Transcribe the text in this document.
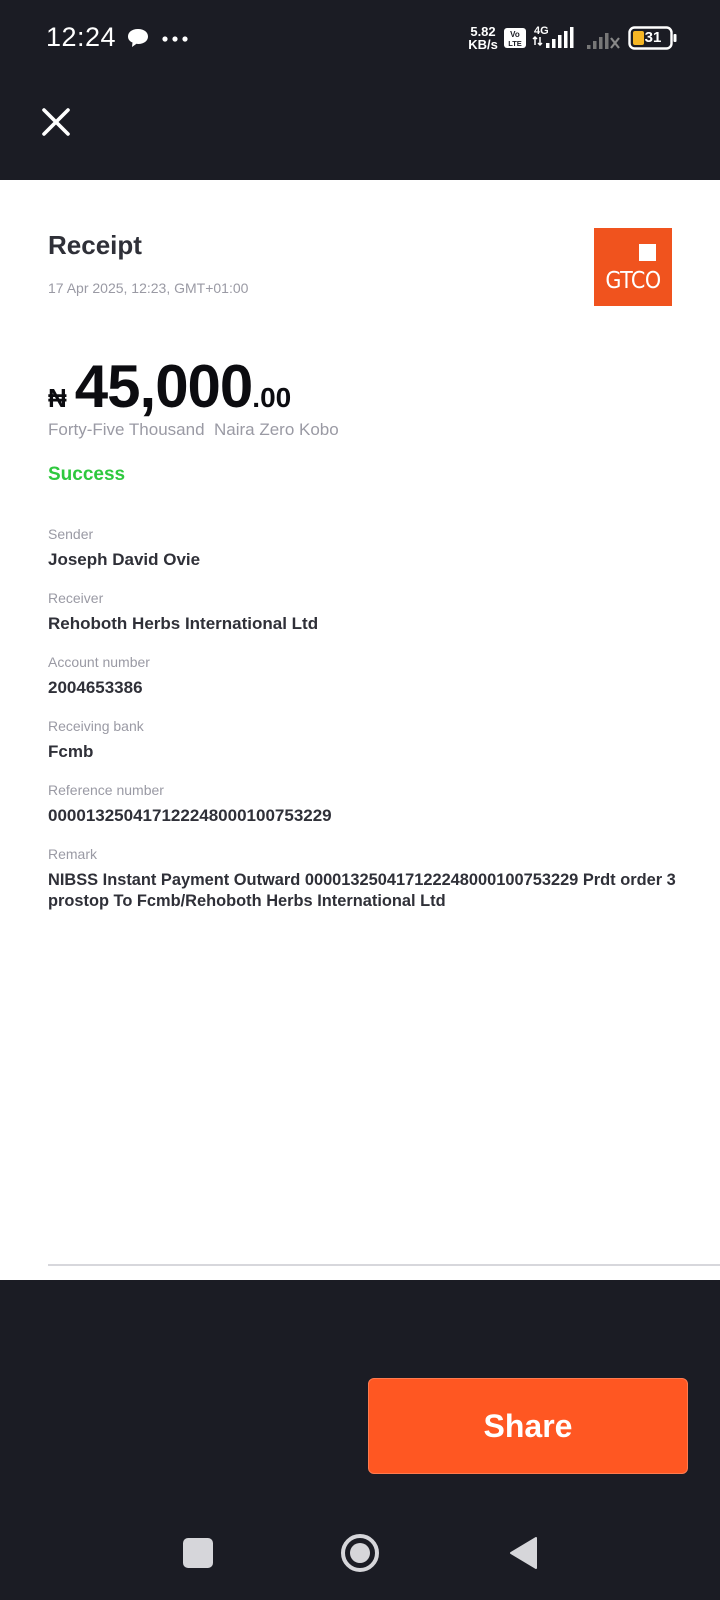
12:24	5.82
KB/s
Vo
LTE
4G	31
Receipt
17 Apr 2025, 12:23, GMT+01:00	GTCO
₦ 45,000 .00
Forty-Five Thousand  Naira Zero Kobo
Success
Sender
Joseph David Ovie
Receiver
Rehoboth Herbs International Ltd
Account number
2004653386
Receiving bank
Fcmb
Reference number
000013250417122248000100753229
Remark
NIBSS Instant Payment Outward 000013250417122248000100753229 Prdt order 3 prostop To Fcmb/Rehoboth Herbs International Ltd
Share
